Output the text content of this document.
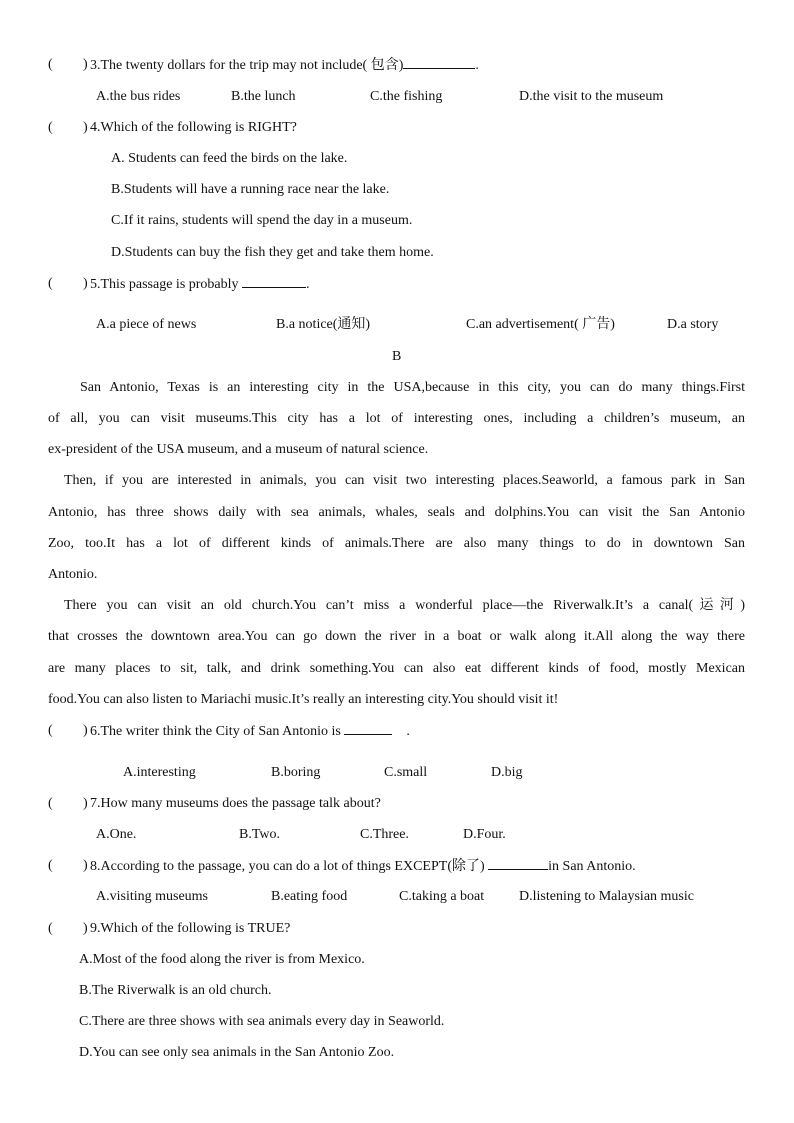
( ) 3.The twenty dollars for the trip may not include( 包含)	.
A.the bus rides	B.the lunch	C.the fishing	D.the visit to the museum
( ) 4.Which of the following is RIGHT?
A. Students can feed the birds on the lake.
B.Students will have a running race near the lake.
C.If it rains, students will spend the day in a museum.
D.Students can buy the fish they get and take them home.
( ) 5.This passage is probably	.
A.a piece of news	B.a notice(通知)	C.an advertisement( 广告)	D.a story
B
San Antonio, Texas is an interesting city in the USA,because in this city, you can do many things.First
of all, you can visit museums.This city has a lot of interesting ones, including a children’s museum, an
ex-president of the USA museum, and a museum of natural science.
Then, if you are interested in animals, you can visit two interesting places.Seaworld, a famous park in San
Antonio, has three shows daily with sea animals, whales, seals and dolphins.You can visit the San Antonio
Zoo, too.It has a lot of different kinds of animals.There are also many things to do in downtown San
Antonio.
There you can visit an old church.You can’t miss a wonderful place—the Riverwalk.It’s a canal(运河)
that crosses the downtown area.You can go down the river in a boat or walk along it.All along the way there
are many places to sit, talk, and drink something.You can also eat different kinds of food, mostly Mexican
food.You can also listen to Mariachi music.It’s really an interesting city.You should visit it!
( ) 6.The writer think the City of San Antonio is	.
A.interesting	B.boring	C.small	D.big
( ) 7.How many museums does the passage talk about?
A.One.	B.Two.	C.Three.	D.Four.
( ) 8.According to the passage, you can do a lot of things EXCEPT(除了)	in San Antonio.
A.visiting museums	B.eating food	C.taking a boat D.listening to Malaysian music
( ) 9.Which of the following is TRUE?
A.Most of the food along the river is from Mexico.
B.The Riverwalk is an old church.
C.There are three shows with sea animals every day in Seaworld.
D.You can see only sea animals in the San Antonio Zoo.
